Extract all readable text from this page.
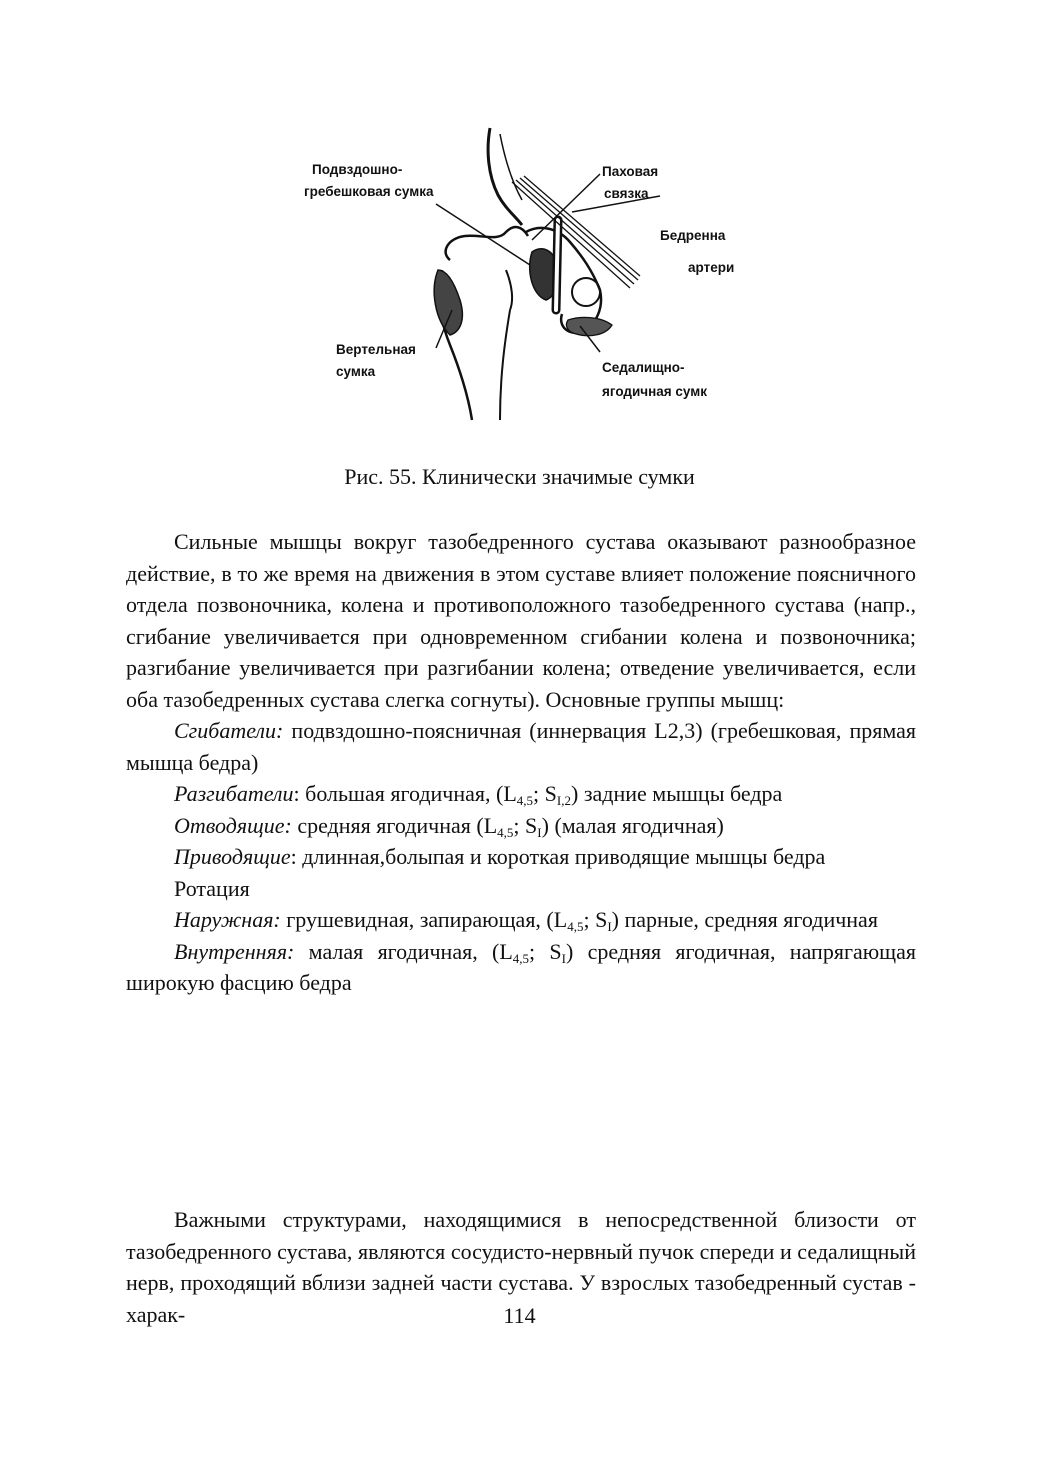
Подвздошно-
гребешковая сумка
Паховая
связка
Бедренна
артери
Вертельная
сумка	Седалищно-
ягодичная сумк
Рис. 55. Клинически значимые сумки

Сильные мышцы вокруг тазобедренного сустава оказывают разнообразное действие, в то же время на движения в этом суставе влияет положение поясничного отдела позвоночника, колена и противоположного тазобедренного сустава (напр., сгибание увеличивается при одновременном сгибании колена и позвоночника; разгибание увеличивается при разгибании колена; отведение увеличивается, если оба тазобедренных сустава слегка согнуты). Основные группы мышц:

Сгибатели: подвздошно-поясничная (иннервация L2,3) (гребешковая, прямая мышца бедра)

Разгибатели: большая ягодичная, ($L_{4,5}$; $S_{I,2}$) задние мышцы бедра

Отводящие: средняя ягодичная ($L_{4,5}$; $S_I$) (малая ягодичная)

Приводящие: длинная,болыпая и короткая приводящие мышцы бедра

Ротация

Наружная: грушевидная, запирающая, ($L_{4,5}$; $S_I$) парные, средняя ягодичная

Внутренняя: малая ягодичная, ($L_{4,5}$; $S_I$) средняя ягодичная, напрягающая широкую фасцию бедра

Важными структурами, находящимися в непосредственной близости от тазобедренного сустава, являются сосудисто-нервный пучок спереди и седалищный нерв, проходящий вблизи задней части сустава. У взрослых тазобедренный сустав - харак-	114
